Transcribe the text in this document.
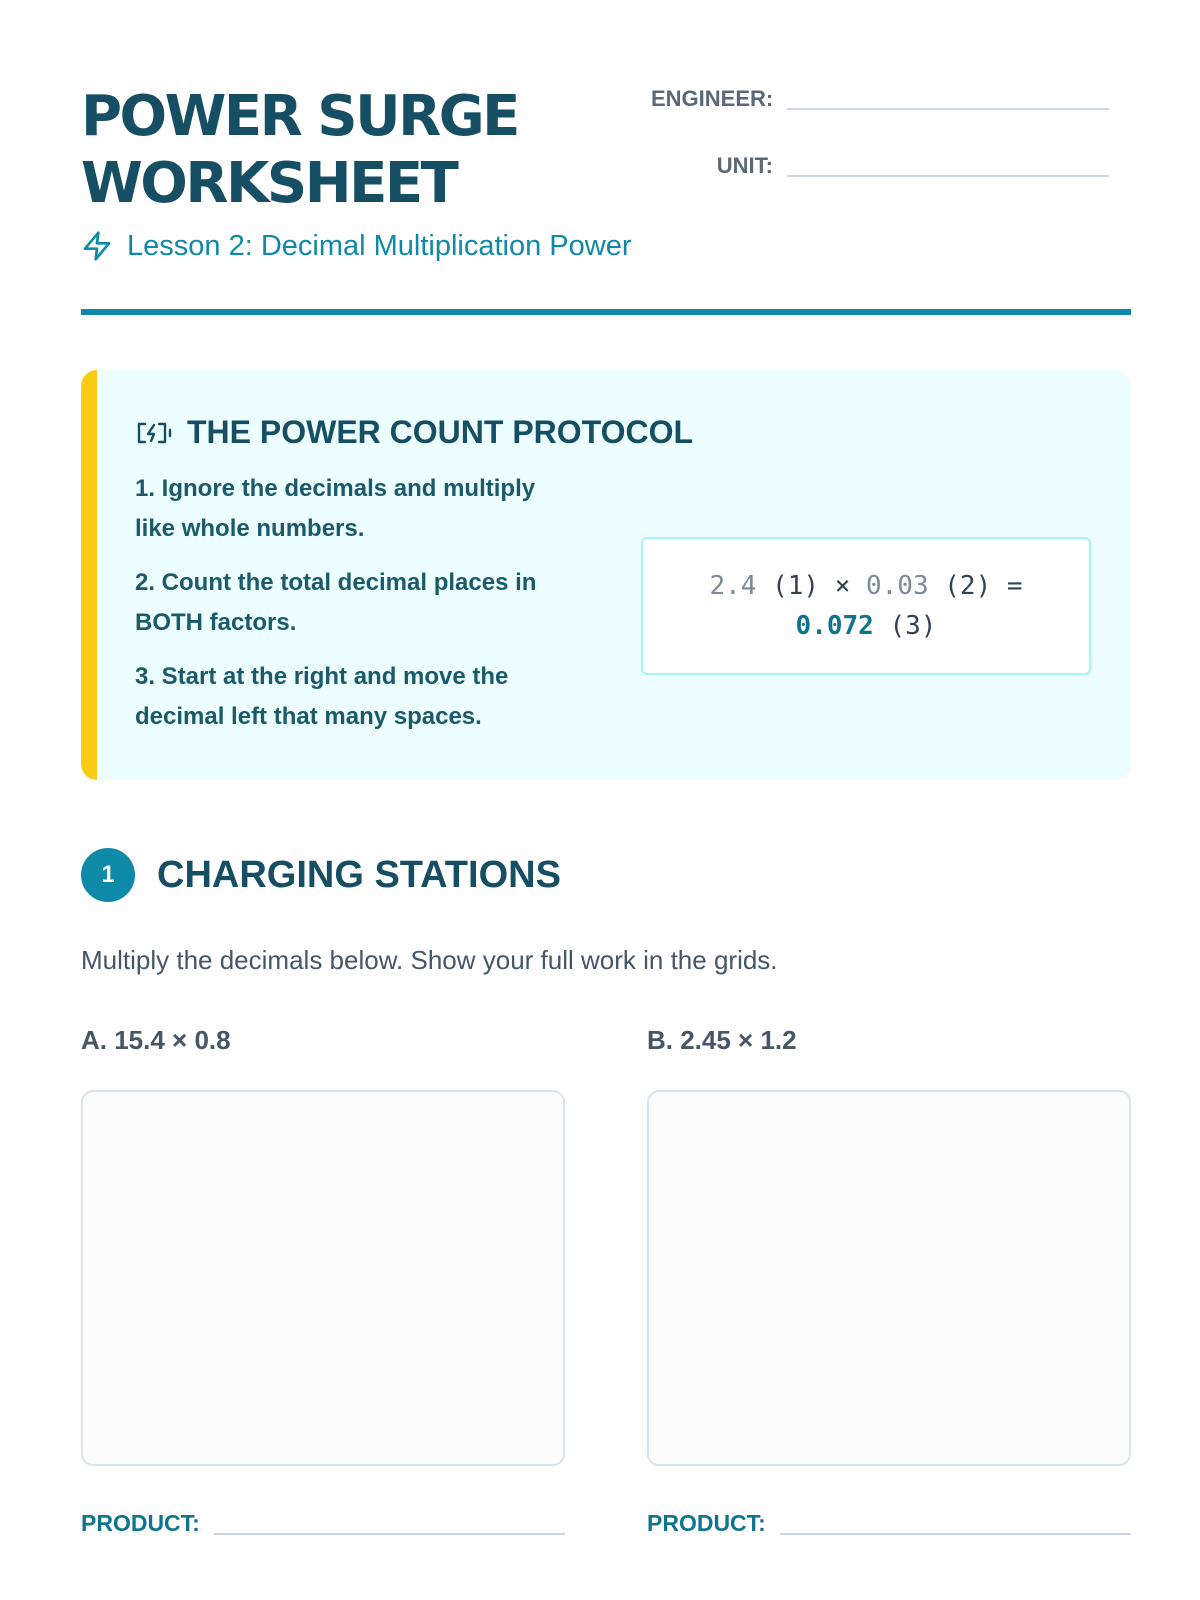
POWER SURGE
WORKSHEET
Lesson 2: Decimal Multiplication Power
ENGINEER:
UNIT:
THE POWER COUNT PROTOCOL
1. Ignore the decimals and multiply like whole numbers.
2. Count the total decimal places in BOTH factors.
3. Start at the right and move the decimal left that many spaces.
2.4 (1) × 0.03 (2) =
0.072 (3)
1	CHARGING STATIONS

Multiply the decimals below. Show your full work in the grids.

A. 15.4 × 0.8
PRODUCT:
B. 2.45 × 1.2
PRODUCT:
